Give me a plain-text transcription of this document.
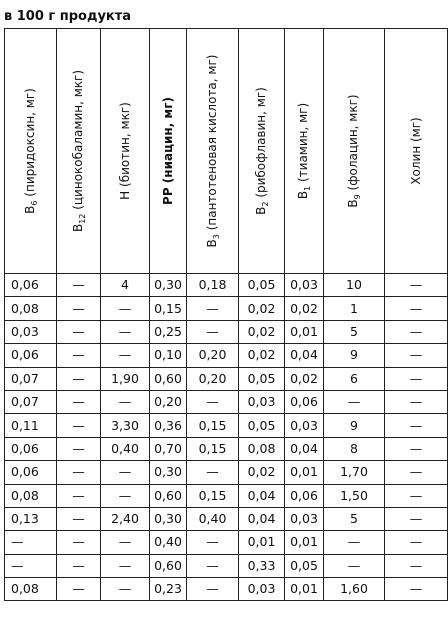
в 100 г продукта
$B_6$ (пиридоксин, мг)	$B_{12}$ (цинокобаламин, мкг)	H (биотин, мкг)	PP (ниацин, мг)	$B_3$ (пантотеновая кислота, мг)	$B_2$ (рибофлавин, мг)	$B_1$ (тиамин, мг)	$B_9$ (фолацин, мкг)	Холин (мг)

0,06	—	4	0,30	0,18	0,05	0,03	10	—
0,08	—	—	0,15	—	0,02	0,02	1	—
0,03	—	—	0,25	—	0,02	0,01	5	—
0,06	—	—	0,10	0,20	0,02	0,04	9	—
0,07	—	1,90	0,60	0,20	0,05	0,02	6	—
0,07	—	—	0,20	—	0,03	0,06	—	—
0,11	—	3,30	0,36	0,15	0,05	0,03	9	—
0,06	—	0,40	0,70	0,15	0,08	0,04	8	—
0,06	—	—	0,30	—	0,02	0,01	1,70	—
0,08	—	—	0,60	0,15	0,04	0,06	1,50	—
0,13	—	2,40	0,30	0,40	0,04	0,03	5	—
—	—	—	0,40	—	0,01	0,01	—	—
—	—	—	0,60	—	0,33	0,05	—	—
0,08	—	—	0,23	—	0,03	0,01	1,60	—
